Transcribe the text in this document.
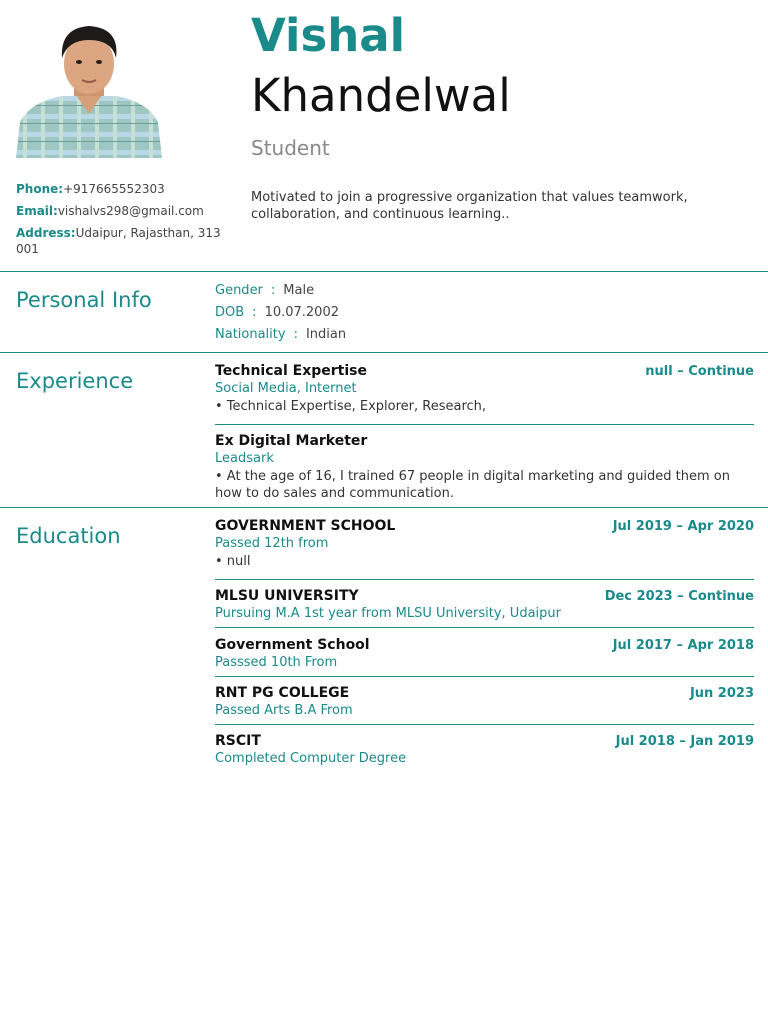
Vishal
Khandelwal
Student
Motivated to join a progressive organization that values teamwork, collaboration, and continuous learning..
Phone:+917665552303
Email:vishalvs298@gmail.com
Address:Udaipur, Rajasthan, 313 001
Personal Info	Gender : Male
DOB : 10.07.2002
Nationality : Indian
Experience	Technical Expertise	null – Continue
Social Media, Internet
• Technical Expertise, Explorer, Research,
Ex Digital Marketer
Leadsark
• At the age of 16, I trained 67 people in digital marketing and guided them on how to do sales and communication.
Education	GOVERNMENT SCHOOL	Jul 2019 – Apr 2020
Passed 12th from
• null
MLSU UNIVERSITY	Dec 2023 – Continue
Pursuing M.A 1st year from MLSU University, Udaipur
Government School	Jul 2017 – Apr 2018
Passsed 10th From
RNT PG COLLEGE	Jun 2023
Passed Arts B.A From
RSCIT	Jul 2018 – Jan 2019
Completed Computer Degree
